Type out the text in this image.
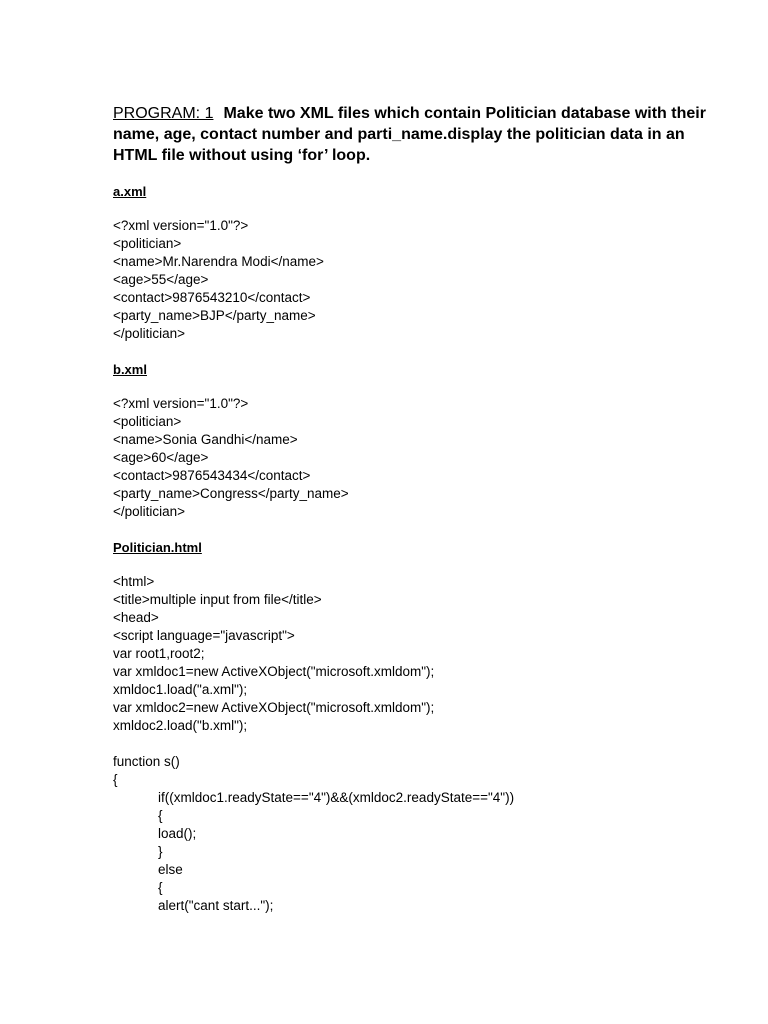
PROGRAM: 1 Make two XML files which contain Politician database with their name, age, contact number and parti_name.display the politician data in an HTML file without using ‘for’ loop.

a.xml

<?xml version="1.0"?>
<politician>
<name>Mr.Narendra Modi</name>
<age>55</age>
<contact>9876543210</contact>
<party_name>BJP</party_name>
</politician>

b.xml

<?xml version="1.0"?>
<politician>
<name>Sonia Gandhi</name>
<age>60</age>
<contact>9876543434</contact>
<party_name>Congress</party_name>
</politician>

Politician.html

<html>
<title>multiple input from file</title>
<head>
<script language="javascript">
var root1,root2;
var xmldoc1=new ActiveXObject("microsoft.xmldom");
xmldoc1.load("a.xml");
var xmldoc2=new ActiveXObject("microsoft.xmldom");
xmldoc2.load("b.xml");
function s()
{
if((xmldoc1.readyState=="4")&&(xmldoc2.readyState=="4"))
{
load();
}
else
{
alert("cant start...");
